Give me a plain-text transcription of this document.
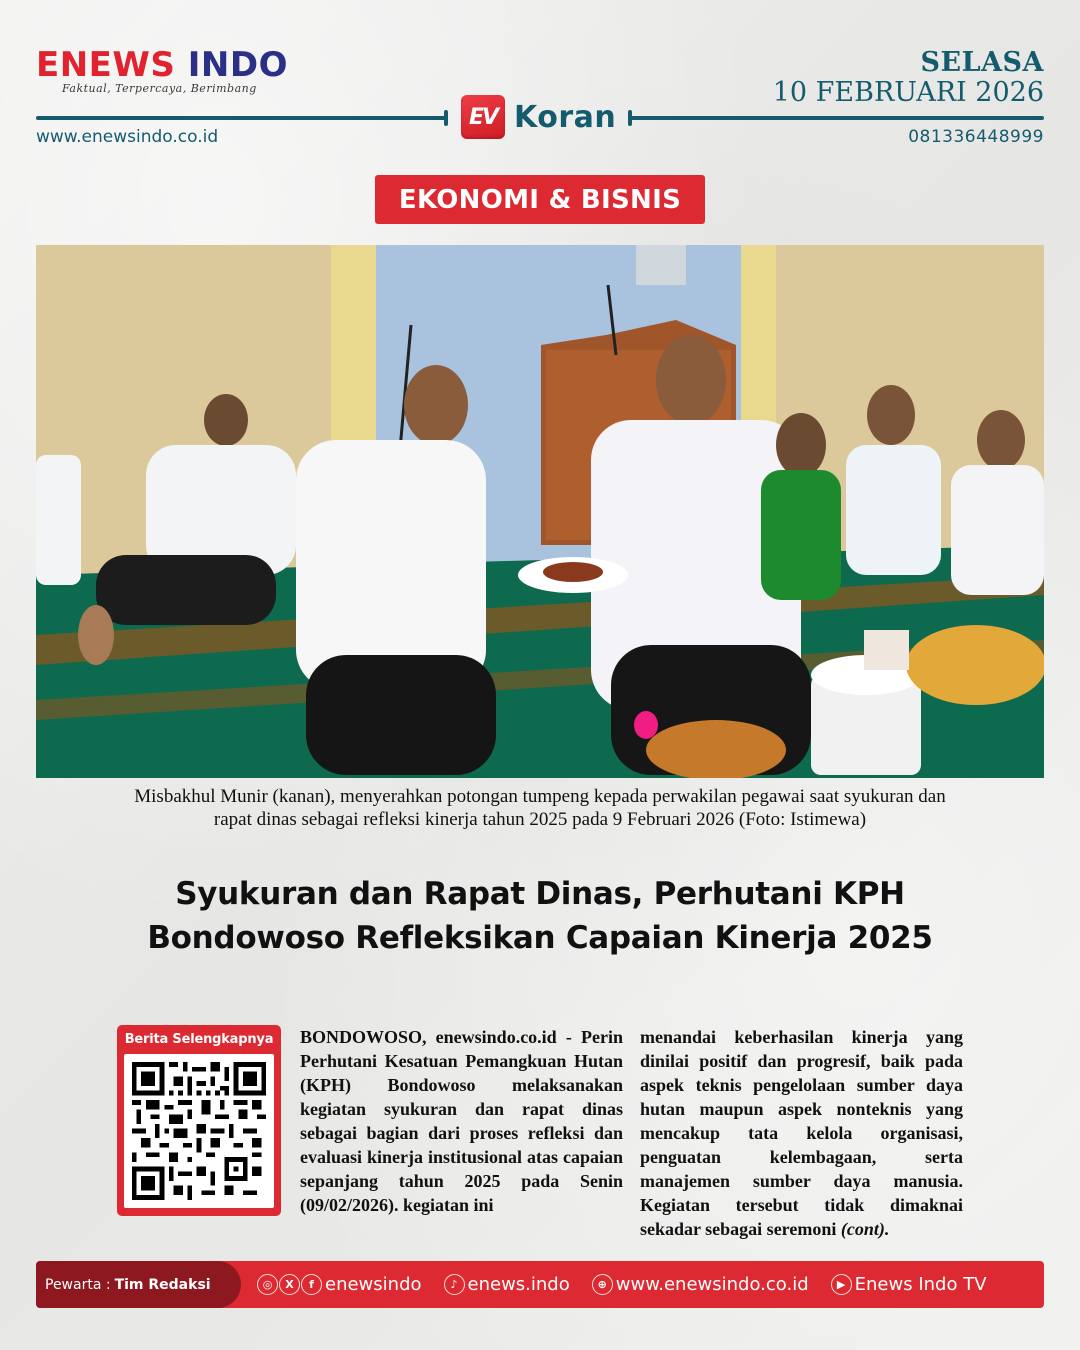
ENEWS INDO
Faktual, Terpercaya, Berimbang
EV Koran
www.enewsindo.co.id	081336448999
SELASA
10 FEBRUARI 2026
EKONOMI & BISNIS
Misbakhul Munir (kanan), menyerahkan potongan tumpeng kepada perwakilan pegawai saat syukuran dan
rapat dinas sebagai refleksi kinerja tahun 2025 pada 9 Februari 2026 (Foto: Istimewa)
Syukuran dan Rapat Dinas, Perhutani KPH
Bondowoso Refleksikan Capaian Kinerja 2025
Berita Selengkapnya BONDOWOSO, enewsindo.co.id - Perin Perhutani Kesatuan Pemangkuan Hutan (KPH) Bondowoso melaksanakan kegiatan syukuran dan rapat dinas sebagai bagian dari proses refleksi dan evaluasi kinerja institusional atas capaian sepanjang tahun 2025 pada Senin (09/02/2026). kegiatan ini

menandai keberhasilan kinerja yang dinilai positif dan progresif, baik pada aspek teknis pengelolaan sumber daya hutan maupun aspek nonteknis yang mencakup tata kelola organisasi, penguatan kelembagaan, serta manajemen sumber daya manusia. Kegiatan tersebut tidak dimaknai sekadar sebagai seremoni (cont).

Pewarta : Tim Redaksi	◎	X	f enewsindo	♪ enews.indo	⊕ www.enewsindo.co.id	▶ Enews Indo TV
